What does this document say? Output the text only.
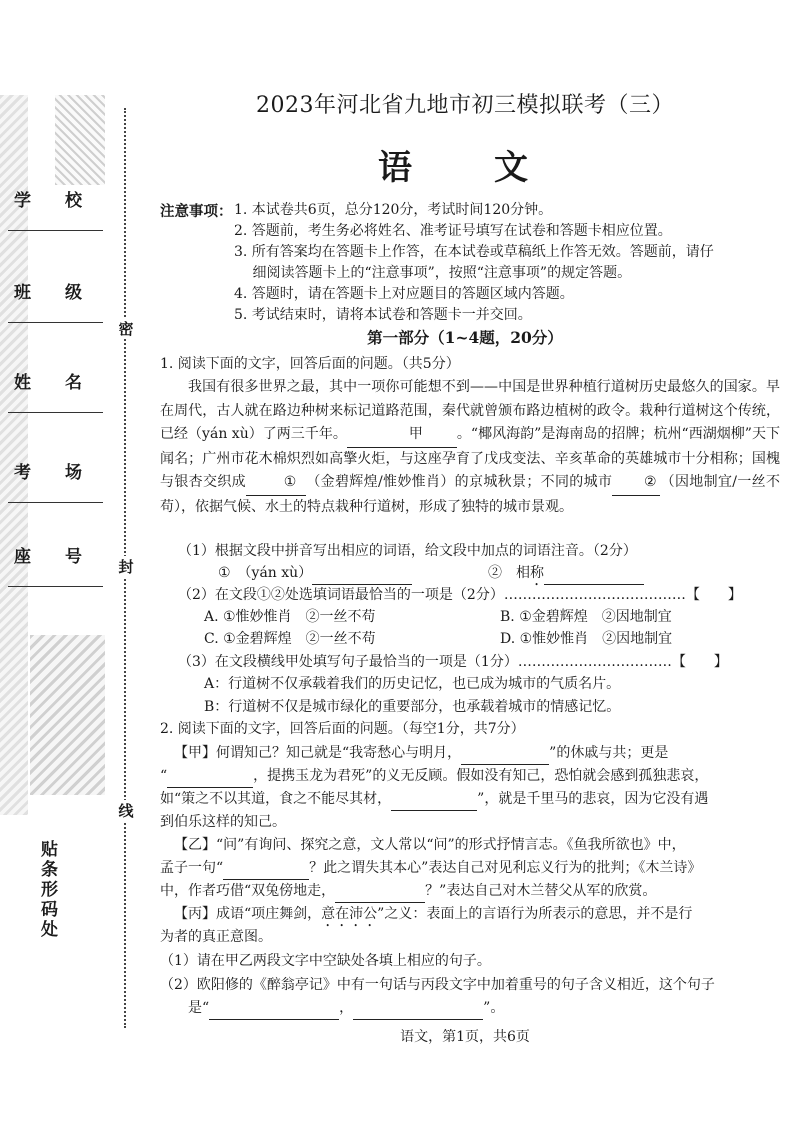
学　　校
班　　级
姓　　名
考　　场
座　　号
贴条形码处
密
封
线
2023年河北省九地市初三模拟联考（三）
语　文
注意事项： 1. 本试卷共6页，总分120分，考试时间120分钟。
2. 答题前，考生务必将姓名、准考证号填写在试卷和答题卡相应位置。
3. 所有答案均在答题卡上作答，在本试卷或草稿纸上作答无效。答题前，请仔
　 细阅读答题卡上的“注意事项”，按照“注意事项”的规定答题。
4. 答题时，请在答题卡上对应题目的答题区域内答题。
5. 考试结束时，请将本试卷和答题卡一并交回。
第一部分（1~4题，20分）
1. 阅读下面的文字，回答后面的问题。（共5分）
我国有很多世界之最，其中一项你可能想不到——中国是世界种植行道树历史最悠久的国家。早在周代，古人就在路边种树来标记道路范围，秦代就曾颁布路边植树的政令。栽种行道树这个传统，已经（yán xù）了两三千年。	甲 。“椰风海韵”是海南岛的招牌；杭州“西湖烟柳”天下闻名；广州市花木棉炽烈如高擎火炬，与这座孕育了戊戌变法、辛亥革命的英雄城市十分相称；国槐与银杏交织成	① （金碧辉煌/惟妙惟肖）的京城秋景；不同的城市 ② （因地制宜/一丝不苟），依据气候、水土的特点栽种行道树，形成了独特的城市景观。
（1）根据文段中拼音写出相应的词语，给文段中加点的词语注音。（2分）
①　（yán xù）	②　相称
（2）在文段①②处选填词语最恰当的一项是（2分）…………………………………【　　】
A. ①惟妙惟肖　②一丝不苟	B. ①金碧辉煌　②因地制宜
C. ①金碧辉煌　②一丝不苟	D. ①惟妙惟肖　②因地制宜
（3）在文段横线甲处填写句子最恰当的一项是（1分）……………………………【　　】
A：行道树不仅承载着我们的历史记忆，也已成为城市的气质名片。
B：行道树不仅是城市绿化的重要部分，也承载着城市的情感记忆。
2. 阅读下面的文字，回答后面的问题。（每空1分，共7分）
【甲】何谓知己？知己就是“我寄愁心与明月，	”的休戚与共；更是
“	，提携玉龙为君死”的义无反顾。假如没有知己，恐怕就会感到孤独悲哀，
如“策之不以其道，食之不能尽其材，	”，就是千里马的悲哀，因为它没有遇
到伯乐这样的知己。
【乙】“问”有询问、探究之意，文人常以“问”的形式抒情言志。《鱼我所欲也》中，
孟子一句“	？此之谓失其本心”表达自己对见利忘义行为的批判；《木兰诗》
中，作者巧借“双兔傍地走，	？”表达自己对木兰替父从军的欣赏。
【丙】成语“项庄舞剑，意在沛公”之义：表面上的言语行为所表示的意思，并不是行
为者的真正意图。
（1）请在甲乙两段文字中空缺处各填上相应的句子。
（2）欧阳修的《醉翁亭记》中有一句话与丙段文字中加着重号的句子含义相近，这个句子
是“	，	”。
语文，第1页，共6页
